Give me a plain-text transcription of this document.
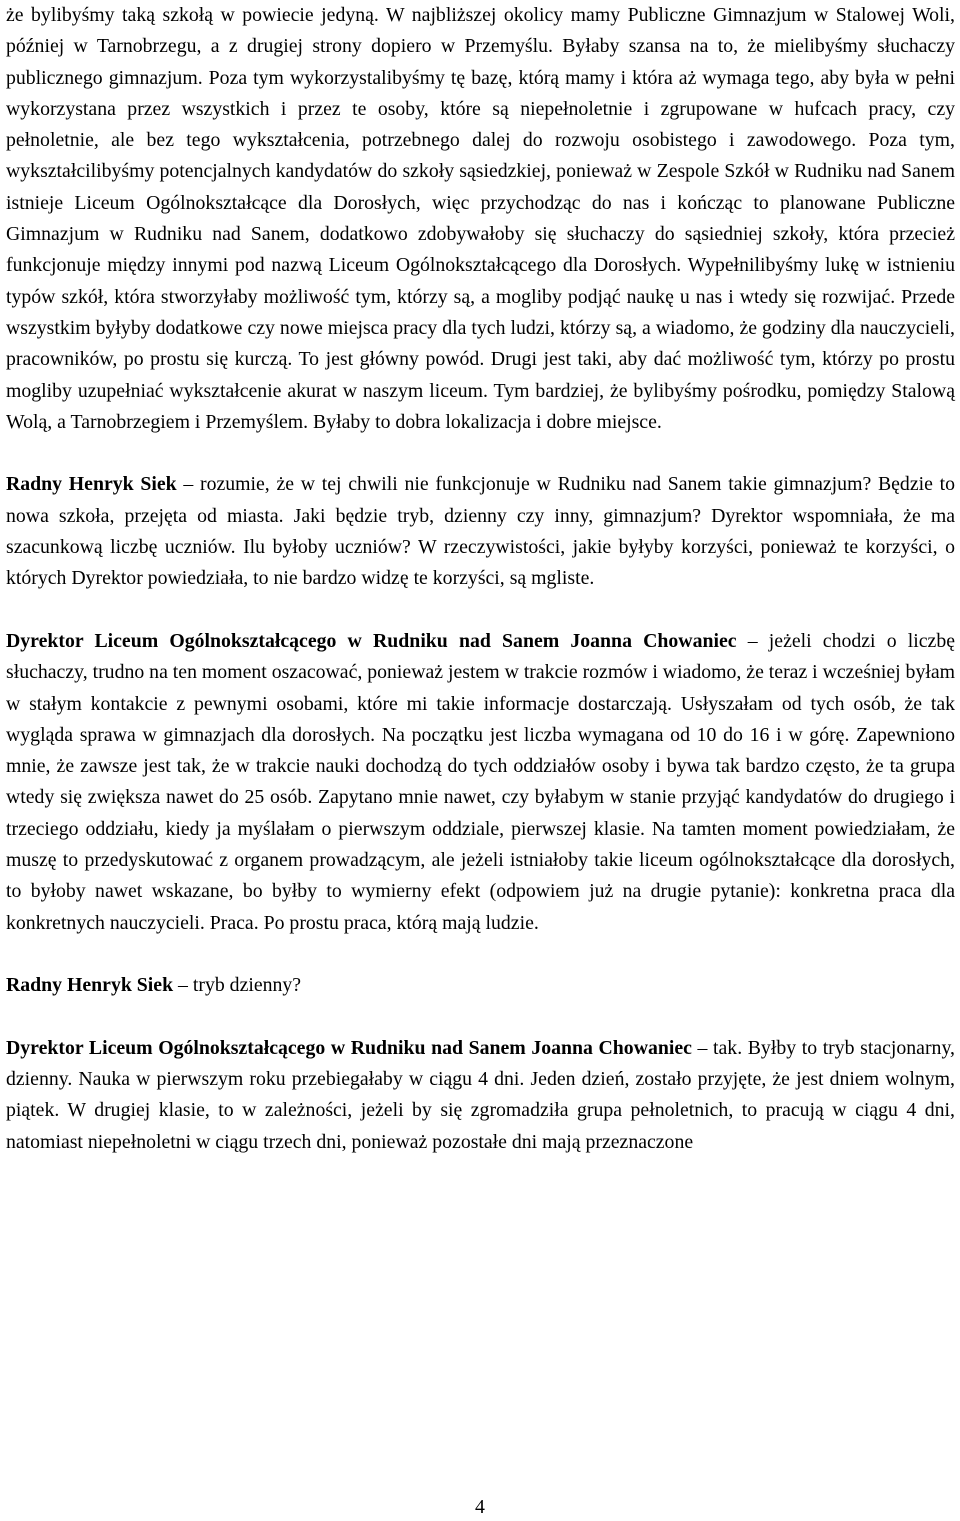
że bylibyśmy taką szkołą w powiecie jedyną. W najbliższej okolicy mamy Publiczne Gimnazjum w Stalowej Woli, później w Tarnobrzegu, a z drugiej strony dopiero w Przemyślu. Byłaby szansa na to, że mielibyśmy słuchaczy publicznego gimnazjum. Poza tym wykorzystalibyśmy tę bazę, którą mamy i która aż wymaga tego, aby była w pełni wykorzystana przez wszystkich i przez te osoby, które są niepełnoletnie i zgrupowane w hufcach pracy, czy pełnoletnie, ale bez tego wykształcenia, potrzebnego dalej do rozwoju osobistego i zawodowego. Poza tym, wykształcilibyśmy potencjalnych kandydatów do szkoły sąsiedzkiej, ponieważ w Zespole Szkół w Rudniku nad Sanem istnieje Liceum Ogólnokształcące dla Dorosłych, więc przychodząc do nas i kończąc to planowane Publiczne Gimnazjum w Rudniku nad Sanem, dodatkowo zdobywałoby się słuchaczy do sąsiedniej szkoły, która przecież funkcjonuje między innymi pod nazwą Liceum Ogólnokształcącego dla Dorosłych. Wypełnilibyśmy lukę w istnieniu typów szkół, która stworzyłaby możliwość tym, którzy są, a mogliby podjąć naukę u nas i wtedy się rozwijać. Przede wszystkim byłyby dodatkowe czy nowe miejsca pracy dla tych ludzi, którzy są, a wiadomo, że godziny dla nauczycieli, pracowników, po prostu się kurczą. To jest główny powód. Drugi jest taki, aby dać możliwość tym, którzy po prostu mogliby uzupełniać wykształcenie akurat w naszym liceum. Tym bardziej, że bylibyśmy pośrodku, pomiędzy Stalową Wolą, a Tarnobrzegiem i Przemyślem. Byłaby to dobra lokalizacja i dobre miejsce.

Radny Henryk Siek – rozumie, że w tej chwili nie funkcjonuje w Rudniku nad Sanem takie gimnazjum? Będzie to nowa szkoła, przejęta od miasta. Jaki będzie tryb, dzienny czy inny, gimnazjum? Dyrektor wspomniała, że ma szacunkową liczbę uczniów. Ilu byłoby uczniów? W rzeczywistości, jakie byłyby korzyści, ponieważ te korzyści, o których Dyrektor powiedziała, to nie bardzo widzę te korzyści, są mgliste.

Dyrektor Liceum Ogólnokształcącego w Rudniku nad Sanem Joanna Chowaniec – jeżeli chodzi o liczbę słuchaczy, trudno na ten moment oszacować, ponieważ jestem w trakcie rozmów i wiadomo, że teraz i wcześniej byłam w stałym kontakcie z pewnymi osobami, które mi takie informacje dostarczają. Usłyszałam od tych osób, że tak wygląda sprawa w gimnazjach dla dorosłych. Na początku jest liczba wymagana od 10 do 16 i w górę. Zapewniono mnie, że zawsze jest tak, że w trakcie nauki dochodzą do tych oddziałów osoby i bywa tak bardzo często, że ta grupa wtedy się zwiększa nawet do 25 osób. Zapytano mnie nawet, czy byłabym w stanie przyjąć kandydatów do drugiego i trzeciego oddziału, kiedy ja myślałam o pierwszym oddziale, pierwszej klasie. Na tamten moment powiedziałam, że muszę to przedyskutować z organem prowadzącym, ale jeżeli istniałoby takie liceum ogólnokształcące dla dorosłych, to byłoby nawet wskazane, bo byłby to wymierny efekt (odpowiem już na drugie pytanie): konkretna praca dla konkretnych nauczycieli. Praca. Po prostu praca, którą mają ludzie.

Radny Henryk Siek – tryb dzienny?

Dyrektor Liceum Ogólnokształcącego w Rudniku nad Sanem Joanna Chowaniec – tak. Byłby to tryb stacjonarny, dzienny. Nauka w pierwszym roku przebiegałaby w ciągu 4 dni. Jeden dzień, zostało przyjęte, że jest dniem wolnym, piątek. W drugiej klasie, to w zależności, jeżeli by się zgromadziła grupa pełnoletnich, to pracują w ciągu 4 dni, natomiast niepełnoletni w ciągu trzech dni, ponieważ pozostałe dni mają przeznaczone

4
